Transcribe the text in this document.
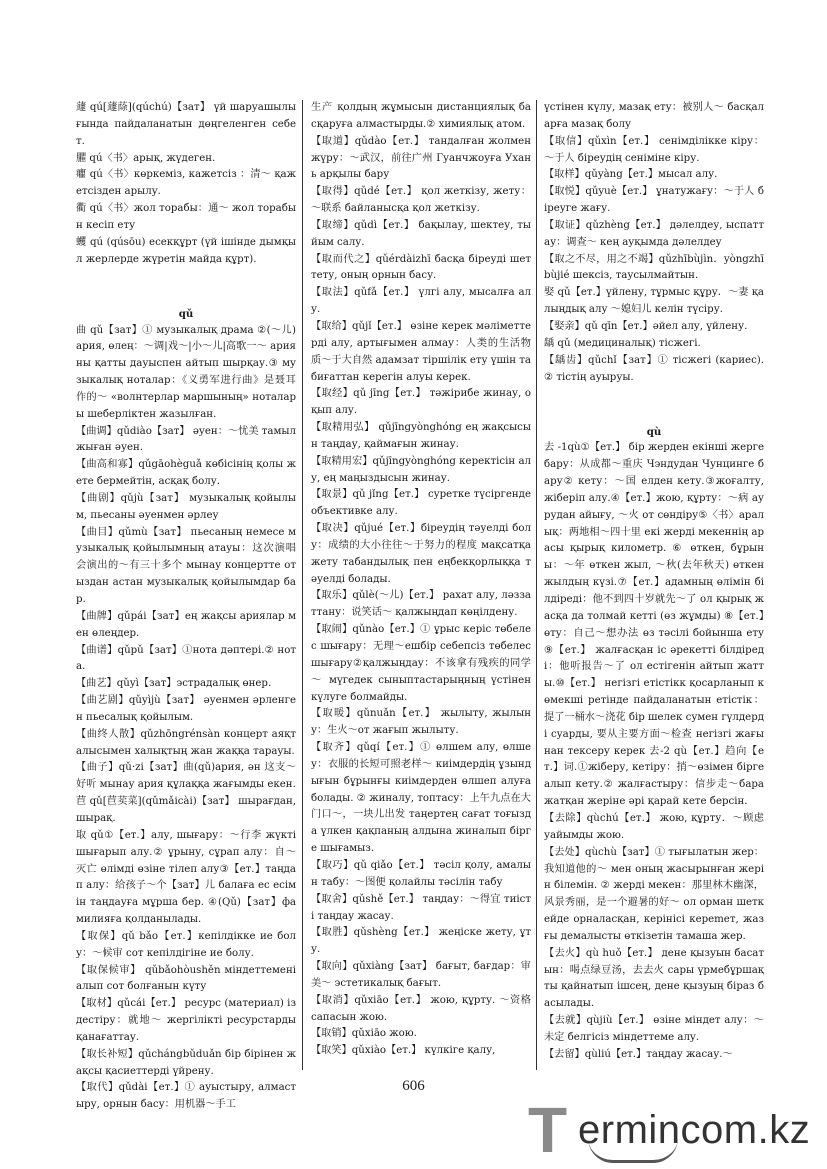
蘧 qú[蘧蒢](qúchú)【зат】 үй шаруашылығында пайдаланатын дөңгеленген себет.

臞 qú〈书〉арық, жүдеген.

癯 qú〈书〉көркеміз, кажетсіз ：清～ қажетсізден арылу.

衢 qú〈书〉жол торабы：通～ жол торабын кесіп ету

蠼 qú (qúsōu) есекқұрт (үй ішінде дымқыл жерлерде жүретін майда құрт).

qǔ

曲 qǔ【зат】① музыкалық драма ②(～儿) ария, өлең：～调|戏～|小～儿|高歌一～ арияны қатты дауыспен айтып шырқау.③ музыкалық ноталар：《义勇军进行曲》是聂耳作的～ «волнтерлар маршының» ноталары шеберліктен жазылған.

【曲调】qǔdiào【зат】 әуен：～忧美 тамылжыған әуен.

【曲高和寡】qǔgāohèguǎ көбісінің қолы жете бермейтін, асқақ болу.

【曲剧】qǔjù【зат】 музыкалық қойылым, пьесаны әуенмен әрлеу

【曲目】qǔmù【зат】 пьесаның немесе музыкалық қойылымның атауы：这次演唱会演出的～有三十多个 мынау концертте отыздан астан музыкалық қойылымдар бар.

【曲牌】qǔpái【зат】ең жақсы ариялар мен өлеңдер.

【曲谱】qǔpǔ【зат】①нота дәптері.② нота.

【曲艺】qǔyì【зат】эстрадалық өнер.

【曲艺剧】qǔyìjù【зат】 әуенмен әрленген пьесалық қойылым.

【曲终人散】qǔzhōngrénsàn концерт аяқталысымен халықтың жан жаққа тарауы.

【曲子】qǔ·zi【зат】曲(qǔ)ария, ән 这支～好听 мынау ария құлаққа жағымды екен.

苣 qǔ[苣荬菜](qǔmǎicài)【зат】 шырағдан, шырақ.

取 qǔ①【ет.】алу, шығару：～行李 жүкті шығарып алу.② ұрыну, сұрап алу：自～灭亡 өлімді өзіне тілеп алу③【ет.】таңдап алу：给孩子～个【зат】儿 балаға ес есімін таңдауға мұрша бер. ④(Qǔ)【зат】фамилияға қолданылады.

【取保】qǔ bǎo【ет.】кепілдікке ие болу：～候审 сот кепілдігіне ие болу.

【取保候审】 qǔbǎohòushěn міндеттемені алып сот болғанын күту

【取材】qǔcái【ет.】 ресурс (материал) іздестіру：就地～ жергілікті ресурстарды қанағаттау.

【取长补短】qǔchángbǔduǎn бір бірінен жақсы қасиеттерді үйрену.

【取代】qǔdài【ет.】① ауыстыру, алмастыру, орнын басу：用机器～手工

生产 қолдың жұмысын дистанциялық басқаруға алмастырды.② химиялық атом.

【取道】qǔdào【ет.】 тандалған жолмен жүру：～武汉，前往广州 Гуанчжоуға Ухань арқылы бару

【取得】qǔdé【ет.】 қол жеткізу, жету：～联系 байланысқа қол жеткізу.

【取缔】qǔdì【ет.】 бақылау, шектеу, тыйым салу.

【取而代之】qǔérdàizhī басқа біреуді шеттету, оның орнын басу.

【取法】qǔfǎ【ет.】 үлгі алу, мысалға алу.

【取给】qǔjǐ【ет.】 өзіне керек мәліметтерді алу, артығымен алмау：人类的生活物质～于大自然 адамзат тіршілік ету үшін табиғаттан керегін алуы керек.

【取经】qǔ jīng【ет.】 тәжірибе жинау, оқып алу.

【取精用弘】 qǔjīngyònghóng ең жақсысын таңдау, қаймағын жинау.

【取精用宏】qǔjīngyònghóng керектісін алу, ең маңыздысын жинау.

【取景】qǔ jǐng【ет.】 суретке түсіргенде объективке алу.

【取决】qǔjué【ет.】біреудің тәуелді болу：成绩的大小往往～于努力的程度 мақсатқа жету табандылық пен еңбекқорлыққа тәуелді болады.

【取乐】qǔlè(～儿)【ет.】 рахат алу, ләззаттану：说笑话～ қалжыңдап көңілдену.

【取闹】qǔnào【ет.】① ұрыс керіс төбелес шығару：无理～ешбір себепсіз төбелес шығару②қалжыңдау：不该拿有残疾的同学～ мүгедек сыныптастарыңның үстінен күлуге болмайды.

【取暖】qǔnuǎn【ет.】 жылыту, жылыну：生火～от жағып жылыту.

【取齐】qǔqí【ет.】① өлшем алу, өлшеу：衣服的长短可照老样～ киімдердің ұзындығын бұрынғы киімдерден өлшеп алуға болады. ② жиналу, топтасу：上午九点在大门口～，一块儿出发 таңертең сағат тоғызда үлкен қақпаның алдына жиналып бірге шығамыз.

【取巧】qǔ qiǎo【ет.】 тәсіл қолу, амалын табу：～图便 қолайлы тәсілін табу

【取舍】qǔshě【ет.】 таңдау：～得宜 тиісті таңдау жасау.

【取胜】qǔshèng【ет.】 жеңіске жету, ұту.

【取向】qǔxiàng【зат】 бағыт, бағдар：审美～ эстетикалық бағыт.

【取消】qǔxiāo【ет.】 жою, құрту. ～资格 сапасын жою.

【取销】qǔxiāo жою.

【取笑】qǔxiào【ет.】 күлкіге қалу,

үстінен күлу, мазақ ету：被别人～ басқаларға мазақ болу

【取信】qǔxìn【ет.】 сенімділікке кіру：～于人 біреудің сеніміне кіру.

【取样】qǔyàng【ет.】мысал алу.

【取悦】qǔyuè【ет.】 ұнатужағу：～于人 біреуге жағу.

【取证】qǔzhèng【ет.】 дәлелдеу, ыспаттау：调查～ кең ауқымда дәлелдеу

【取之不尽，用之不竭】qǔzhībùjìn．yòngzhībùjié шексіз, таусылмайтын.

娶 qǔ【ет.】үйлену, тұрмыс құру．～妻 қалыңдық алу ～媳妇儿 келін түсіру.

【娶亲】qǔ qīn【ет.】әйел алу, үйлену.

龋 qǔ (медициналық) тісжегі.

【龋齿】qǔchǐ【зат】① тісжегі (кариес).② тістің ауыруы.

qù

去 -1qù①【ет.】 бір жерден екінші жерге бару：从成都～重庆 Чэндудан Чунцинге бару② кету：～国 елден кету.③жоғалту, жіберіп алу.④【ет.】жою, құрту：～病 аурудан айығу, ～火 от сөндіру⑤〈书〉аралық：两地相～四十里 екі жерді мекеннің арасы қырық километр. ⑥ өткен, бұрыны：～年 өткен жыл, ～秋(去年秋天) өткен жылдың күзі.⑦【ет.】адамның өлімін білдіреді：他不到四十岁就先～了 ол қырық жасқа да толмай кетті (өз жұмды) ⑧【ет.】өту：自己～想办法 өз тәсілі бойынша ету ⑨【ет.】 жалғасқан іс әрекетті білдіреді：他听报告～了 ол естігенін айтып жатты.⑩【ет.】 негізгі етістікк қосарланып көмекші ретінде пайдаланатын етістік：提了一桶水～浇花 бір шелек сумен гүлдерді суарды, 要从主要方面～检查 негізгі жағынан тексеру керек 去-2 qù【ет.】趋向【ет.】词.①жіберу, кетіру：捎～өзімен бірге алып кету.② жалғастыру：信步走～бара жатқан жеріне әрі қарай кете берсін.

【去除】qùchú【ет.】 жою, құрту．～顾虑 уайымды жою.

【去处】qùchù【зат】① тығылатын жер：我知道他的～ мен оның жасырынған жерін білемін. ② жерді мекен：那里林木幽深，风景秀丽，是一个避暑的好～ ол орман шеткейде орналасқан, керінісі кереmет, жазғы демалысты өткізетін тамаша жер.

【去火】qù huǒ【ет.】 дене қызуын басатын：喝点绿豆汤，去去火 сары үрмебұршақты қайнатып ішсең, дене қызуың біраз басылады.

【去就】qùjiù【ет.】 өзіне міндет алу：～未定 белгісіз міндеттеме алу.

【去留】qùliú【ет.】таңдау жасау.～

606
T ermincom.kz
